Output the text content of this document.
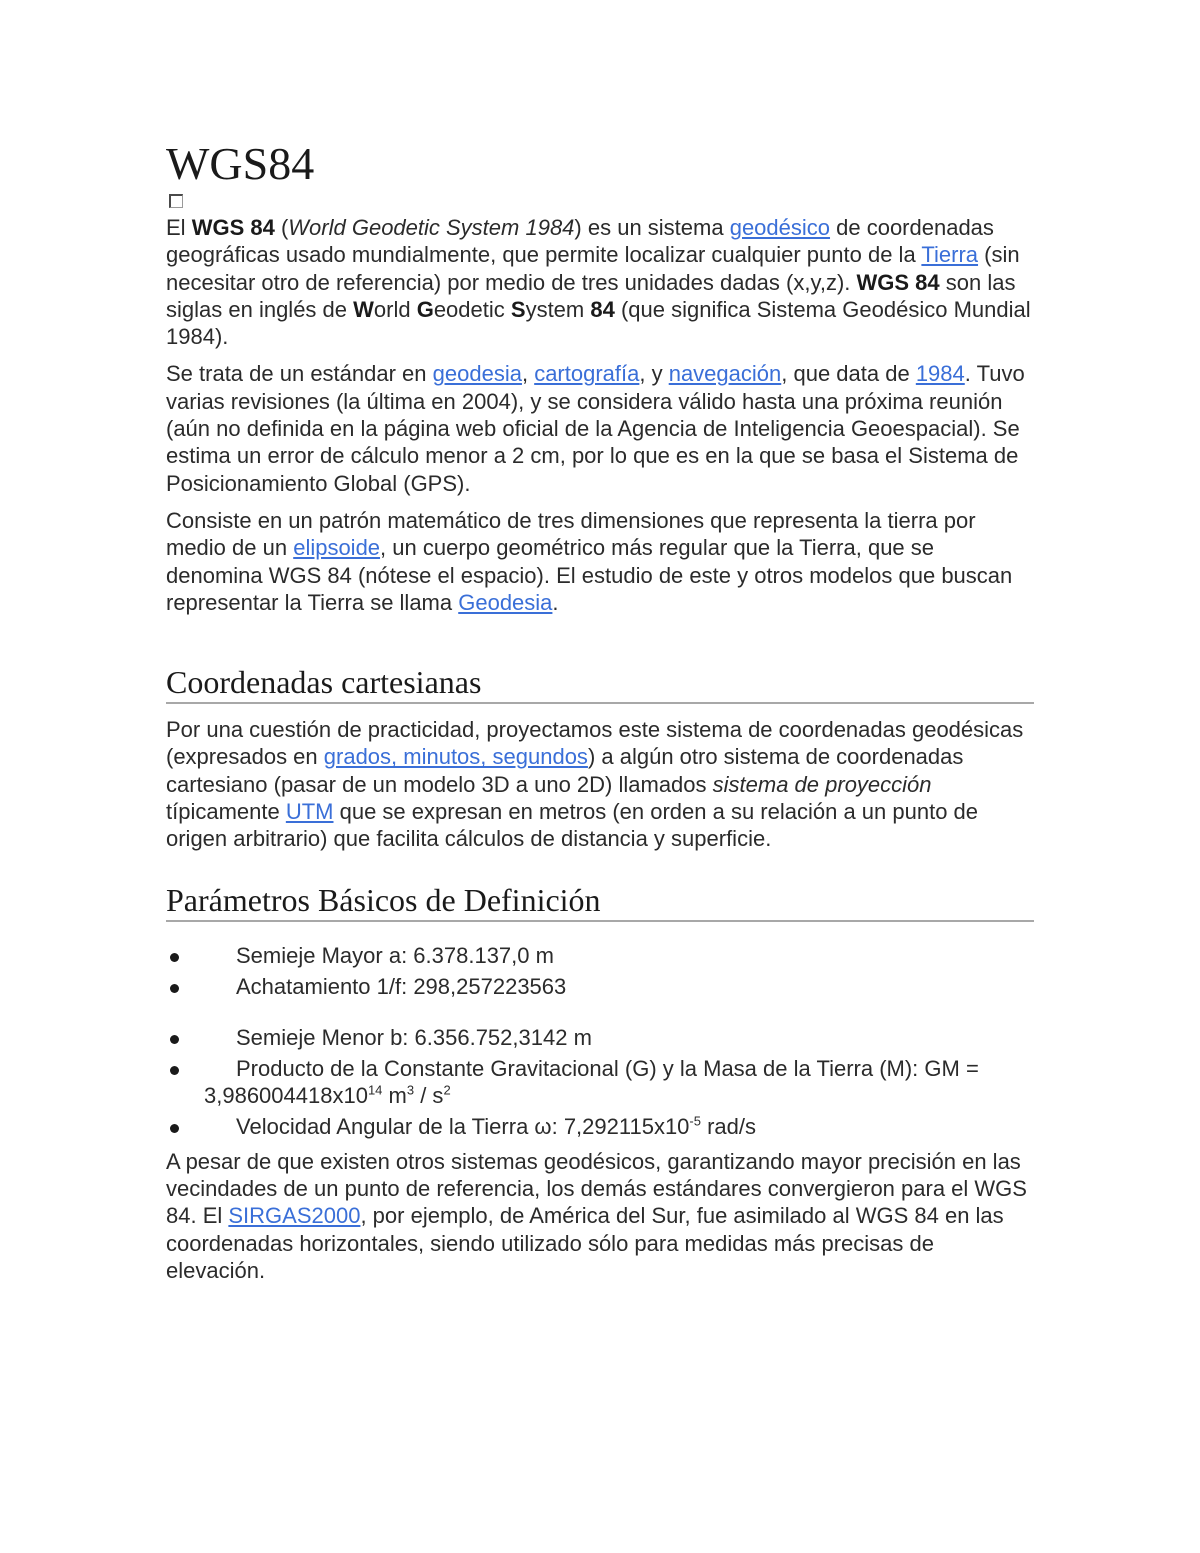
WGS84

El WGS 84 (World Geodetic System 1984) es un sistema geodésico de coordenadas geográficas usado mundialmente, que permite localizar cualquier punto de la Tierra (sin necesitar otro de referencia) por medio de tres unidades dadas (x,y,z). WGS 84 son las siglas en inglés de World Geodetic System 84 (que significa Sistema Geodésico Mundial 1984).

Se trata de un estándar en geodesia, cartografía, y navegación, que data de 1984. Tuvo varias revisiones (la última en 2004), y se considera válido hasta una próxima reunión (aún no definida en la página web oficial de la Agencia de Inteligencia Geoespacial). Se estima un error de cálculo menor a 2 cm, por lo que es en la que se basa el Sistema de Posicionamiento Global (GPS).

Consiste en un patrón matemático de tres dimensiones que representa la tierra por medio de un elipsoide, un cuerpo geométrico más regular que la Tierra, que se denomina WGS 84 (nótese el espacio). El estudio de este y otros modelos que buscan representar la Tierra se llama Geodesia.

Coordenadas cartesianas

Por una cuestión de practicidad, proyectamos este sistema de coordenadas geodésicas (expresados en grados, minutos, segundos) a algún otro sistema de coordenadas cartesiano (pasar de un modelo 3D a uno 2D) llamados sistema de proyección típicamente UTM que se expresan en metros (en orden a su relación a un punto de origen arbitrario) que facilita cálculos de distancia y superficie.

Parámetros Básicos de Definición
Semieje Mayor a: 6.378.137,0 m
Achatamiento 1/f: 298,257223563
Semieje Menor b: 6.356.752,3142 m
Producto de la Constante Gravitacional (G) y la Masa de la Tierra (M): GM =
$3,986004418x10^{14}$ $m^3 / s^2$
Velocidad Angular de la Tierra ω: $7,292115x10^{-5}$ rad/s

A pesar de que existen otros sistemas geodésicos, garantizando mayor precisión en las vecindades de un punto de referencia, los demás estándares convergieron para el WGS 84. El SIRGAS2000, por ejemplo, de América del Sur, fue asimilado al WGS 84 en las coordenadas horizontales, siendo utilizado sólo para medidas más precisas de elevación.
